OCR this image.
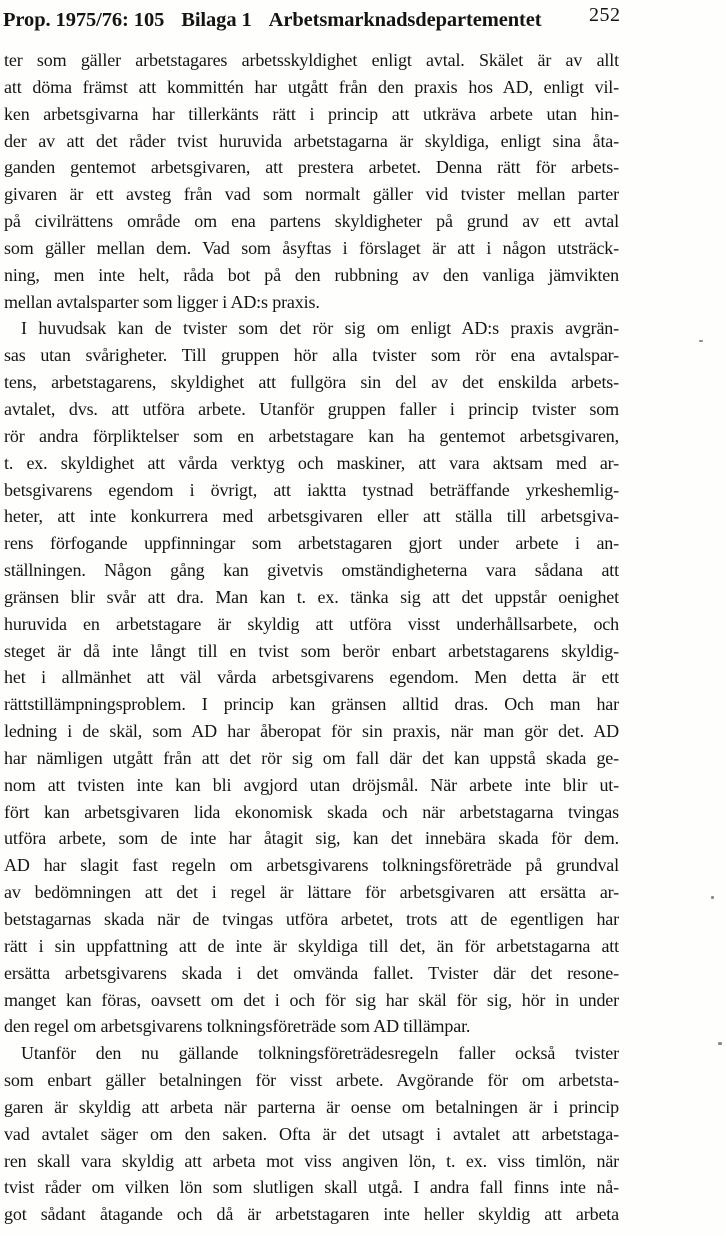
Prop. 1975/76: 105 Bilaga 1 Arbetsmarknadsdepartementet 252
ter som gäller arbetstagares arbetsskyldighet enligt avtal. Skälet är av allt
att döma främst att kommittén har utgått från den praxis hos AD, enligt vil-
ken arbetsgivarna har tillerkänts rätt i princip att utkräva arbete utan hin-
der av att det råder tvist huruvida arbetstagarna är skyldiga, enligt sina åta-
ganden gentemot arbetsgivaren, att prestera arbetet. Denna rätt för arbets-
givaren är ett avsteg från vad som normalt gäller vid tvister mellan parter
på civilrättens område om ena partens skyldigheter på grund av ett avtal
som gäller mellan dem. Vad som åsyftas i förslaget är att i någon utsträck-
ning, men inte helt, råda bot på den rubbning av den vanliga jämvikten
mellan avtalsparter som ligger i AD:s praxis.
I huvudsak kan de tvister som det rör sig om enligt AD:s praxis avgrän-
sas utan svårigheter. Till gruppen hör alla tvister som rör ena avtalspar-
tens, arbetstagarens, skyldighet att fullgöra sin del av det enskilda arbets-
avtalet, dvs. att utföra arbete. Utanför gruppen faller i princip tvister som
rör andra förpliktelser som en arbetstagare kan ha gentemot arbetsgivaren,
t. ex. skyldighet att vårda verktyg och maskiner, att vara aktsam med ar-
betsgivarens egendom i övrigt, att iaktta tystnad beträffande yrkeshemlig-
heter, att inte konkurrera med arbetsgivaren eller att ställa till arbetsgiva-
rens förfogande uppfinningar som arbetstagaren gjort under arbete i an-
ställningen. Någon gång kan givetvis omständigheterna vara sådana att
gränsen blir svår att dra. Man kan t. ex. tänka sig att det uppstår oenighet
huruvida en arbetstagare är skyldig att utföra visst underhållsarbete, och
steget är då inte långt till en tvist som berör enbart arbetstagarens skyldig-
het i allmänhet att väl vårda arbetsgivarens egendom. Men detta är ett
rättstillämpningsproblem. I princip kan gränsen alltid dras. Och man har
ledning i de skäl, som AD har åberopat för sin praxis, när man gör det. AD
har nämligen utgått från att det rör sig om fall där det kan uppstå skada ge-
nom att tvisten inte kan bli avgjord utan dröjsmål. När arbete inte blir ut-
fört kan arbetsgivaren lida ekonomisk skada och när arbetstagarna tvingas
utföra arbete, som de inte har åtagit sig, kan det innebära skada för dem.
AD har slagit fast regeln om arbetsgivarens tolkningsföreträde på grundval
av bedömningen att det i regel är lättare för arbetsgivaren att ersätta ar-
betstagarnas skada när de tvingas utföra arbetet, trots att de egentligen har
rätt i sin uppfattning att de inte är skyldiga till det, än för arbetstagarna att
ersätta arbetsgivarens skada i det omvända fallet. Tvister där det resone-
manget kan föras, oavsett om det i och för sig har skäl för sig, hör in under
den regel om arbetsgivarens tolkningsföreträde som AD tillämpar.
Utanför den nu gällande tolkningsföreträdesregeln faller också tvister
som enbart gäller betalningen för visst arbete. Avgörande för om arbetsta-
garen är skyldig att arbeta när parterna är oense om betalningen är i princip
vad avtalet säger om den saken. Ofta är det utsagt i avtalet att arbetstaga-
ren skall vara skyldig att arbeta mot viss angiven lön, t. ex. viss timlön, när
tvist råder om vilken lön som slutligen skall utgå. I andra fall finns inte nå-
got sådant åtagande och då är arbetstagaren inte heller skyldig att arbeta
